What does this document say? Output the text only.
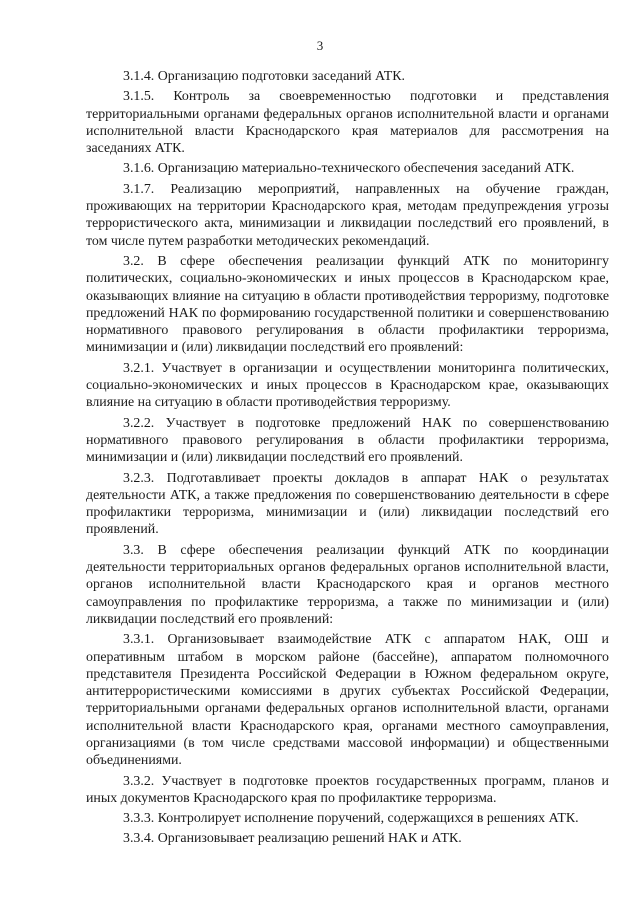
3

3.1.4. Организацию подготовки заседаний АТК.

3.1.5. Контроль за своевременностью подготовки и представления территориальными органами федеральных органов исполнительной власти и органами исполнительной власти Краснодарского края материалов для рассмотрения на заседаниях АТК.

3.1.6. Организацию материально-технического обеспечения заседаний АТК.

3.1.7. Реализацию мероприятий, направленных на обучение граждан, проживающих на территории Краснодарского края, методам предупреждения угрозы террористического акта, минимизации и ликвидации последствий его проявлений, в том числе путем разработки методических рекомендаций.

3.2. В сфере обеспечения реализации функций АТК по мониторингу политических, социально-экономических и иных процессов в Краснодарском крае, оказывающих влияние на ситуацию в области противодействия терроризму, подготовке предложений НАК по формированию государственной политики и совершенствованию нормативного правового регулирования в области профилактики терроризма, минимизации и (или) ликвидации последствий его проявлений:

3.2.1. Участвует в организации и осуществлении мониторинга политических, социально-экономических и иных процессов в Краснодарском крае, оказывающих влияние на ситуацию в области противодействия терроризму.

3.2.2. Участвует в подготовке предложений НАК по совершенствованию нормативного правового регулирования в области профилактики терроризма, минимизации и (или) ликвидации последствий его проявлений.

3.2.3. Подготавливает проекты докладов в аппарат НАК о результатах деятельности АТК, а также предложения по совершенствованию деятельности в сфере профилактики терроризма, минимизации и (или) ликвидации последствий его проявлений.

3.3. В сфере обеспечения реализации функций АТК по координации деятельности территориальных органов федеральных органов исполнительной власти, органов исполнительной власти Краснодарского края и органов местного самоуправления по профилактике терроризма, а также по минимизации и (или) ликвидации последствий его проявлений:

3.3.1. Организовывает взаимодействие АТК с аппаратом НАК, ОШ и оперативным штабом в морском районе (бассейне), аппаратом полномочного представителя Президента Российской Федерации в Южном федеральном округе, антитеррористическими комиссиями в других субъектах Российской Федерации, территориальными органами федеральных органов исполнительной власти, органами исполнительной власти Краснодарского края, органами местного самоуправления, организациями (в том числе средствами массовой информации) и общественными объединениями.

3.3.2. Участвует в подготовке проектов государственных программ, планов и иных документов Краснодарского края по профилактике терроризма.

3.3.3. Контролирует исполнение поручений, содержащихся в решениях АТК.

3.3.4. Организовывает реализацию решений НАК и АТК.
